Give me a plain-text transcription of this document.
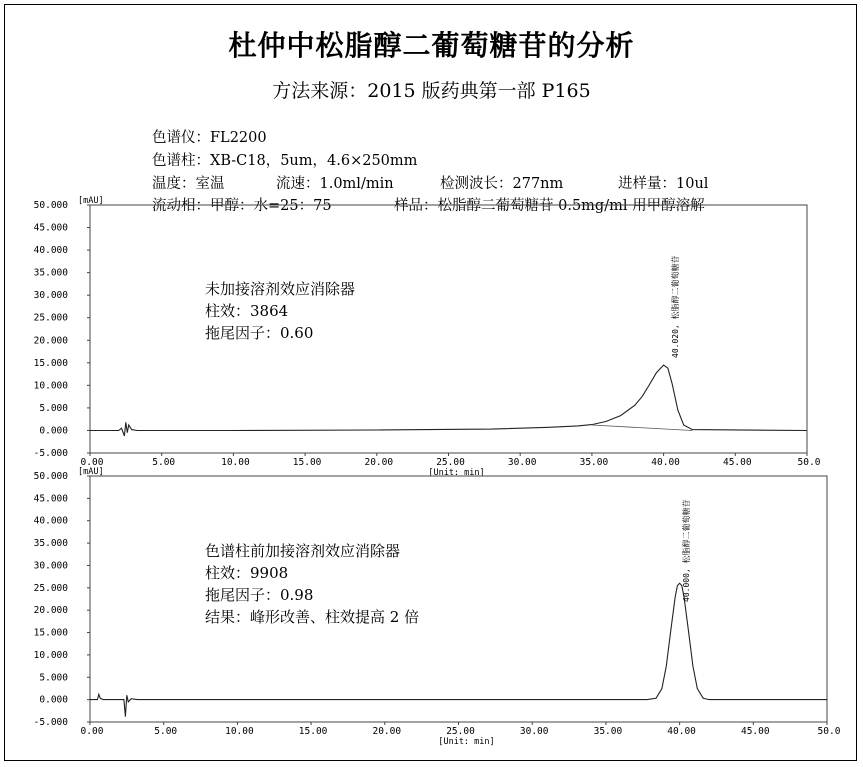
杜仲中松脂醇二葡萄糖苷的分析
方法来源：2015 版药典第一部 P165
色谱仪：FL2200
色谱柱：XB-C18，5um，4.6×250mm
温度：室温	流速：1.0ml/min	检测波长：277nm	进样量：10ul
流动相：甲醇：水=25：75	样品：松脂醇二葡萄糖苷 0.5mg/ml 用甲醇溶解
50.000
45.000
40.000
35.000
30.000
25.000
20.000
15.000
10.000
5.000
0.000
-5.000
0.00	5.00	10.00	15.00	20.00	25.00	30.00	35.00	40.00	45.00	50.0
[mAU]
[Unit: min]
40.020, 松脂醇二葡萄糖苷
未加接溶剂效应消除器
柱效：3864
拖尾因子：0.60
50.000
45.000
40.000
35.000
30.000
25.000
20.000
15.000
10.000
5.000
0.000
-5.000
0.00	5.00	10.00	15.00	20.00	25.00	30.00	35.00	40.00	45.00	50.0
[mAU]
[Unit: min]
40.000, 松脂醇二葡萄糖苷
色谱柱前加接溶剂效应消除器
柱效：9908
拖尾因子：0.98
结果：峰形改善、柱效提高 2 倍
